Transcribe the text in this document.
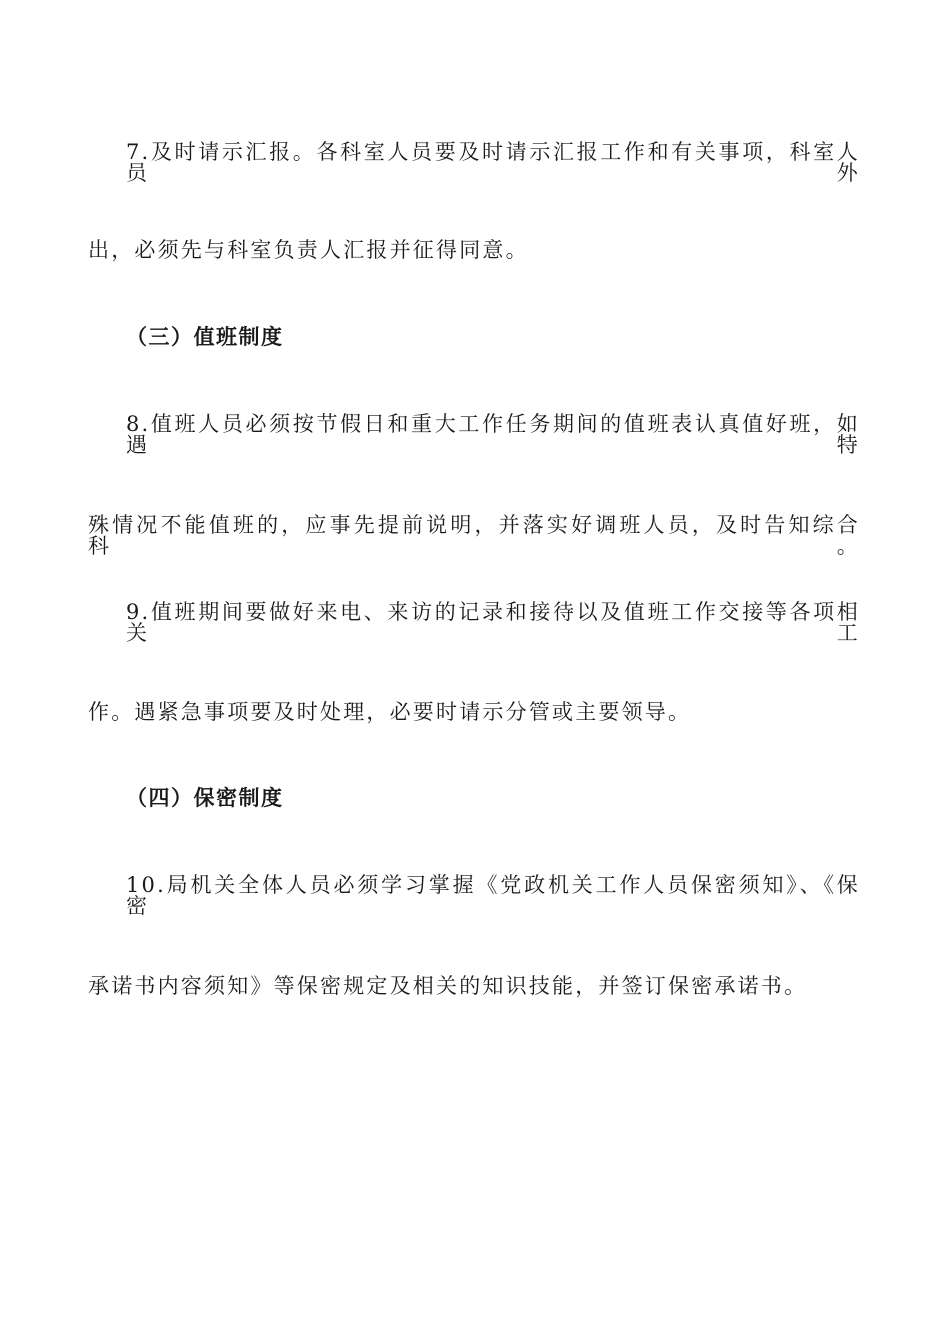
7.及时请示汇报。各科室人员要及时请示汇报工作和有关事项，科室人员外
出，必须先与科室负责人汇报并征得同意。
（三）值班制度
8.值班人员必须按节假日和重大工作任务期间的值班表认真值好班，如遇特
殊情况不能值班的，应事先提前说明，并落实好调班人员，及时告知综合科。
9.值班期间要做好来电、来访的记录和接待以及值班工作交接等各项相关工
作。遇紧急事项要及时处理，必要时请示分管或主要领导。
（四）保密制度
10.局机关全体人员必须学习掌握《党政机关工作人员保密须知》、《保密
承诺书内容须知》等保密规定及相关的知识技能，并签订保密承诺书。
